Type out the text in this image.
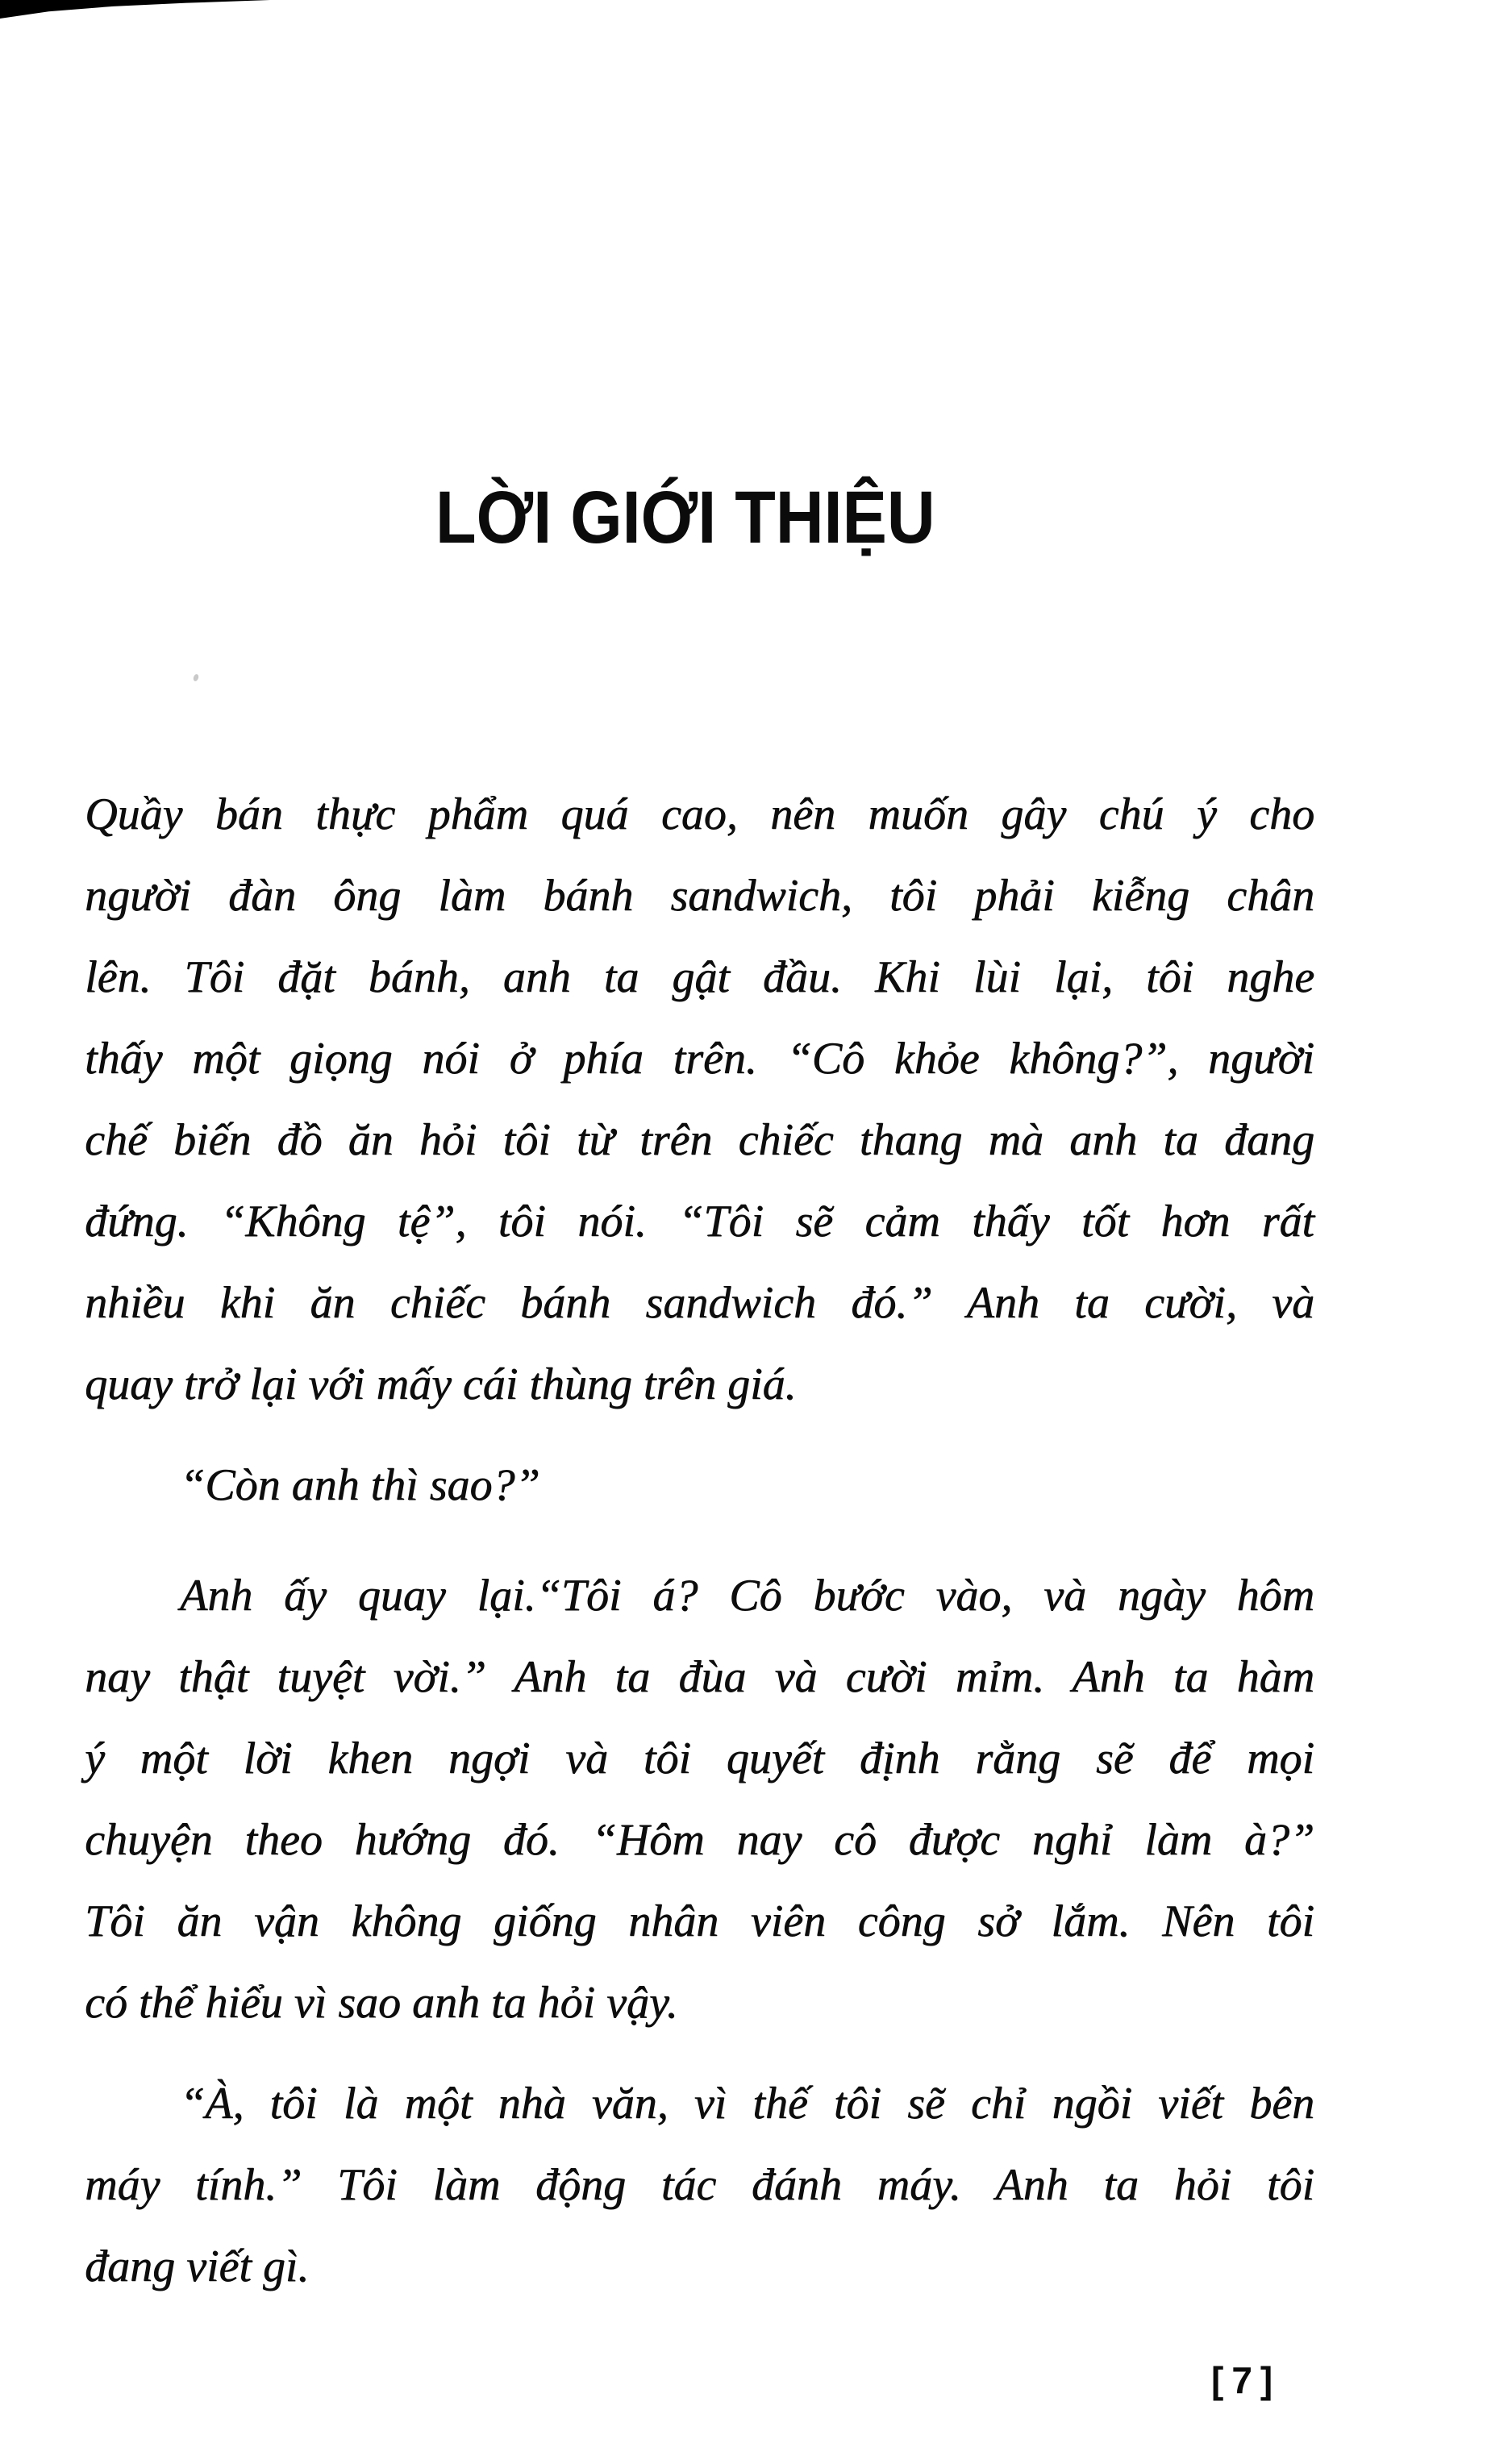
LỜI GIỚI THIỆU
Quầy bán thực phẩm quá cao, nên muốn gây chú ý cho
người đàn ông làm bánh sandwich, tôi phải kiễng chân
lên. Tôi đặt bánh, anh ta gật đầu. Khi lùi lại, tôi nghe
thấy một giọng nói ở phía trên. “Cô khỏe không?”, người
chế biến đồ ăn hỏi tôi từ trên chiếc thang mà anh ta đang
đứng. “Không tệ”, tôi nói. “Tôi sẽ cảm thấy tốt hơn rất
nhiều khi ăn chiếc bánh sandwich đó.” Anh ta cười, và
quay trở lại với mấy cái thùng trên giá.
“Còn anh thì sao?”
Anh ấy quay lại.“Tôi á? Cô bước vào, và ngày hôm
nay thật tuyệt vời.” Anh ta đùa và cười mỉm. Anh ta hàm
ý một lời khen ngợi và tôi quyết định rằng sẽ để mọi
chuyện theo hướng đó. “Hôm nay cô được nghỉ làm à?”
Tôi ăn vận không giống nhân viên công sở lắm. Nên tôi
có thể hiểu vì sao anh ta hỏi vậy.
“À, tôi là một nhà văn, vì thế tôi sẽ chỉ ngồi viết bên
máy tính.” Tôi làm động tác đánh máy. Anh ta hỏi tôi
đang viết gì.
[7]
